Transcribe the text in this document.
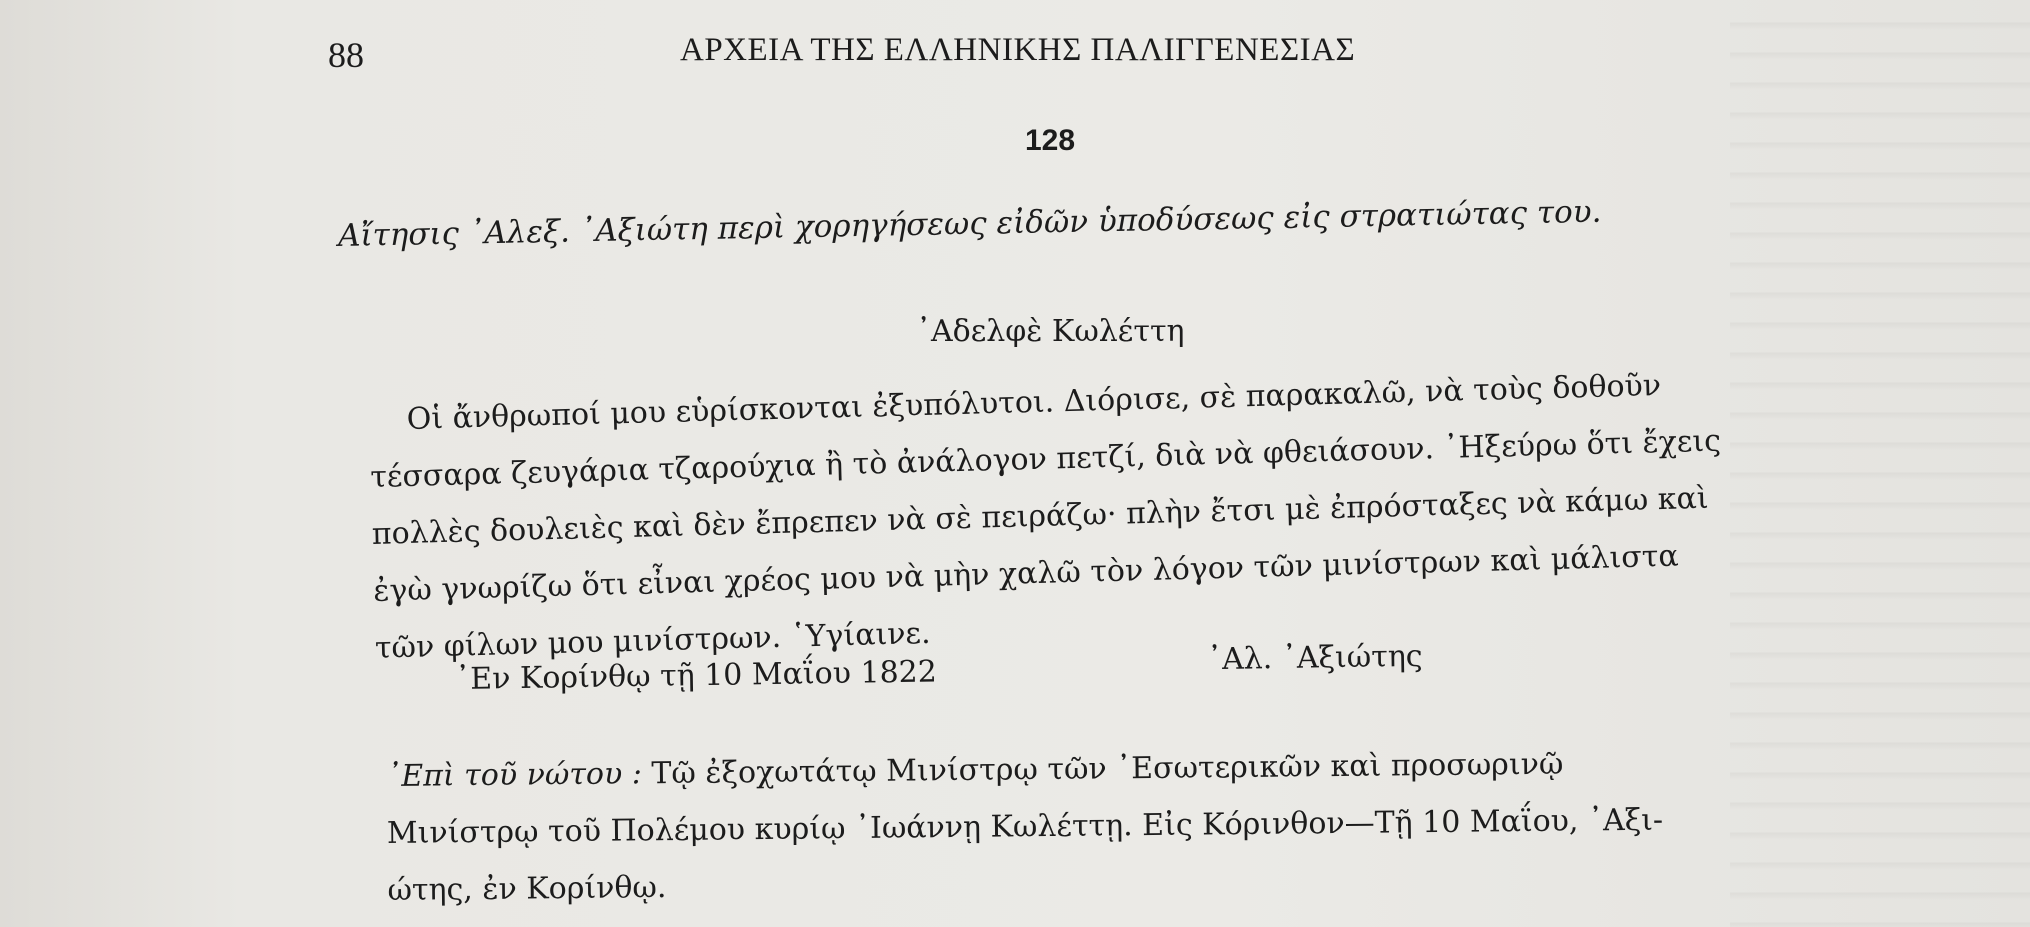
88	ΑΡΧΕΙΑ ΤΗΣ ΕΛΛΗΝΙΚΗΣ ΠΑΛΙΓΓΕΝΕΣΙΑΣ
128
Αἴτησις ᾿Αλεξ. ᾿Αξιώτη περὶ χορηγήσεως εἰδῶν ὑποδύσεως εἰς στρατιώτας του.
᾿Αδελφὲ Κωλέττη
Οἱ ἄνθρωποί μου εὑρίσκονται ἐξυπόλυτοι. Διόρισε, σὲ παρακαλῶ, νὰ τοὺς δοθοῦν
τέσσαρα ζευγάρια τζαρούχια ἢ τὸ ἀνάλογον πετζί, διὰ νὰ φθειάσουν. ᾿Ηξεύρω ὅτι ἔχεις
πολλὲς δουλειὲς καὶ δὲν ἔπρεπεν νὰ σὲ πειράζω· πλὴν ἔτσι μὲ ἐπρόσταξες νὰ κάμω καὶ
ἐγὼ γνωρίζω ὅτι εἶναι χρέος μου νὰ μὴν χαλῶ τὸν λόγον τῶν μινίστρων καὶ μάλιστα
τῶν φίλων μου μινίστρων. ῾Υγίαινε.
᾿Εν Κορίνθῳ τῇ 10 Μαΐου 1822	᾿Αλ. ᾿Αξιώτης
᾿Επὶ τοῦ νώτου : Τῷ ἐξοχωτάτῳ Μινίστρῳ τῶν ᾿Εσωτερικῶν καὶ προσωρινῷ
Μινίστρῳ τοῦ Πολέμου κυρίῳ ᾿Ιωάννῃ Κωλέττῃ. Εἰς Κόρινθον—Τῇ 10 Μαΐου, ᾿Αξι-
ώτης, ἐν Κορίνθῳ.
